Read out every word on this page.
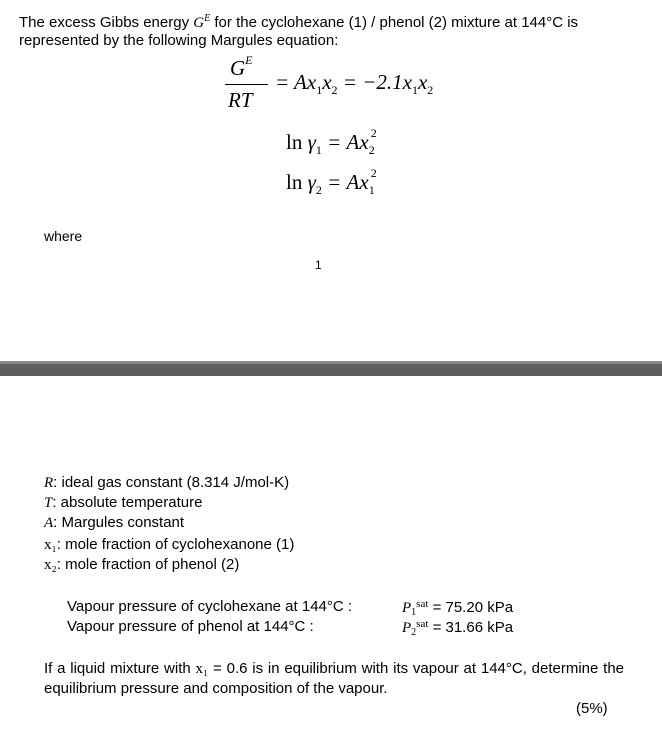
The excess Gibbs energy $G^E$ for the cyclohexane (1) / phenol (2) mixture at 144°C is represented by the following Margules equation:
$G^E$
RT
= $Ax_1x_2 = -2.1x_1x_2$
$\ln \gamma_1 = Ax_2^2$
$\ln \gamma_2 = Ax_1^2$
where
1
R: ideal gas constant (8.314 J/mol-K)
T: absolute temperature
A: Margules constant
x₁: mole fraction of cyclohexanone (1)
x₂: mole fraction of phenol (2)
Vapour pressure of cyclohexane at 144°C :	$P_1^{sat} = 75.20$ kPa
Vapour pressure of phenol at 144°C :	$P_2^{sat} = 31.66$ kPa
If a liquid mixture with x₁ = 0.6 is in equilibrium with its vapour at 144°C, determine the equilibrium pressure and composition of the vapour.
(5%)
